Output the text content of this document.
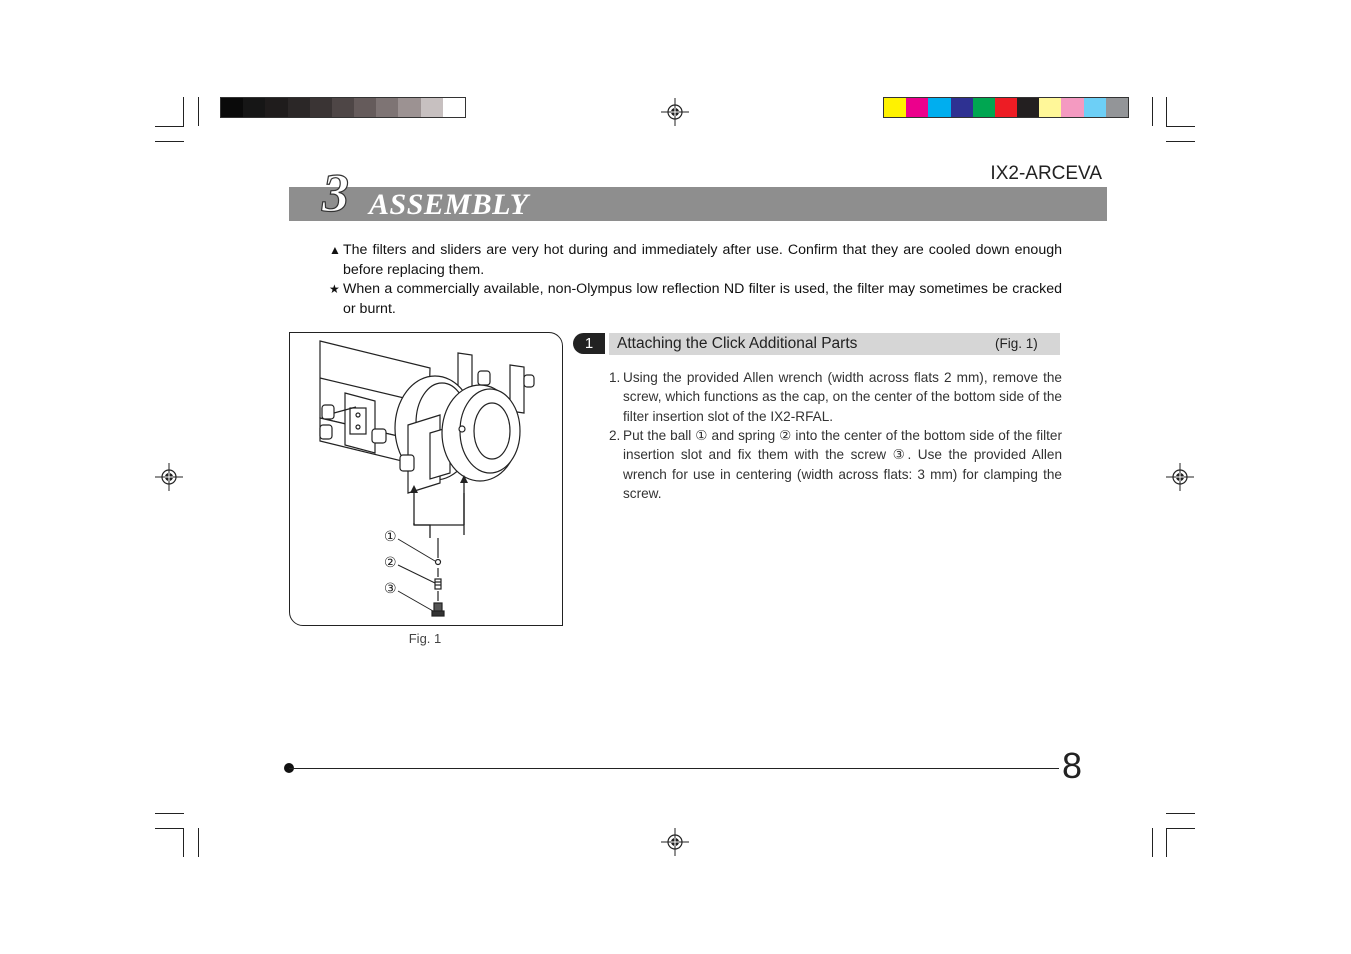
IX2-ARCEVA
3 ASSEMBLY
▲ The filters and sliders are very hot during and immediately after use. Confirm that they are cooled down enough before replacing them.
★ When a commercially available, non-Olympus low reflection ND filter is used, the filter may sometimes be cracked or burnt.
①
②
③
Fig. 1
1	Attaching the Click Additional Parts	(Fig. 1)
1. Using the provided Allen wrench (width across flats 2 mm), remove the screw, which functions as the cap, on the center of the bottom side of the filter insertion slot of the IX2-RFAL.
2. Put the ball ① and spring ② into the center of the bottom side of the filter insertion slot and fix them with the screw ③. Use the provided Allen wrench for use in centering (width across flats: 3 mm) for clamping the screw.
8
